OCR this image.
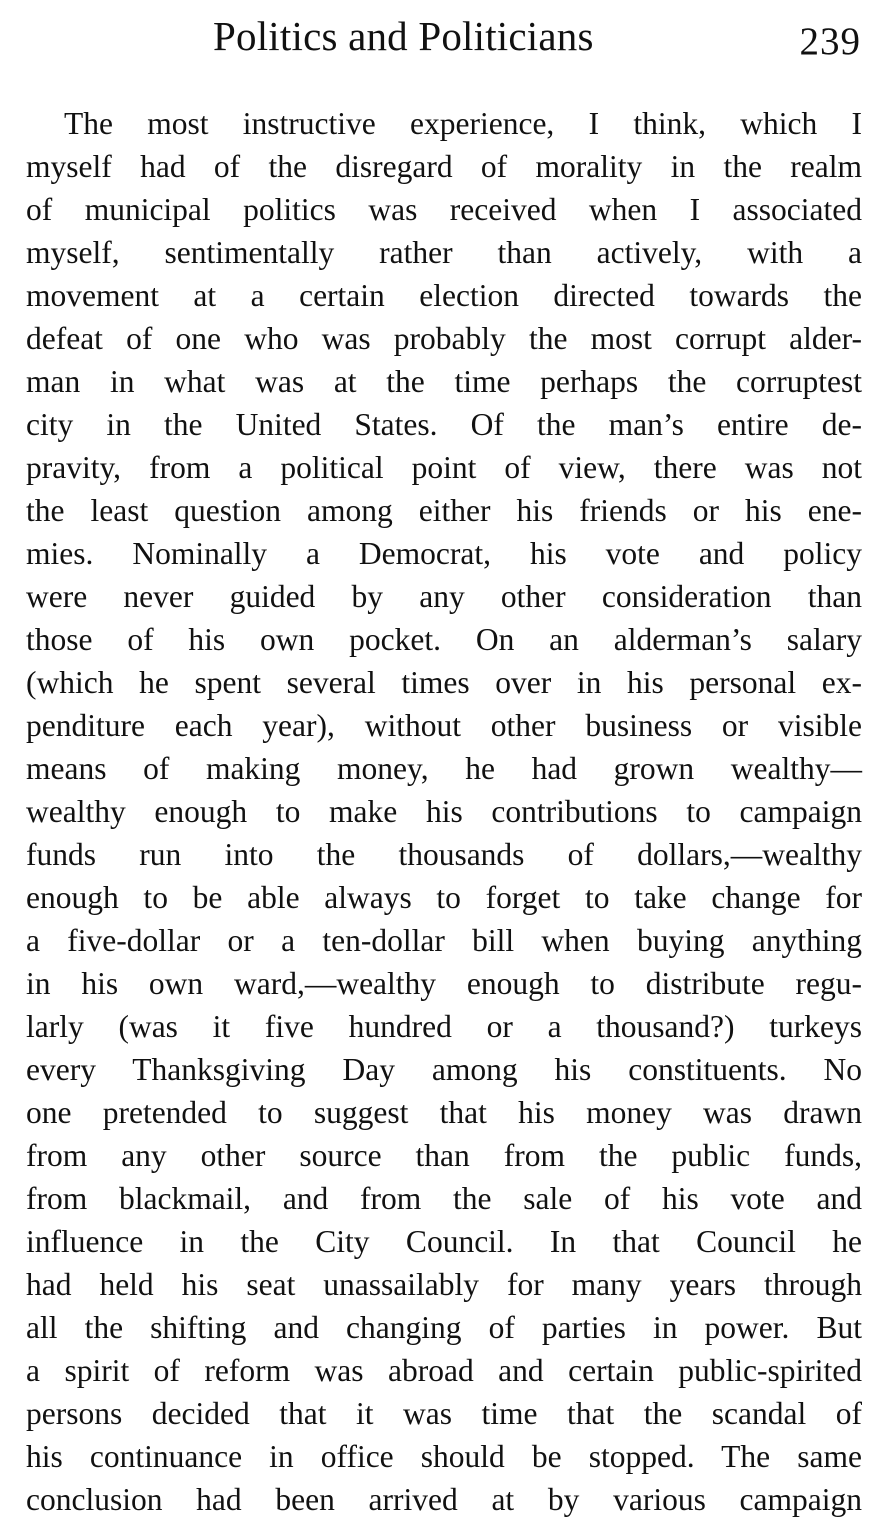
Politics and Politicians	239
The most instructive experience, I think, which I
myself had of the disregard of morality in the realm
of municipal politics was received when I associated
myself, sentimentally rather than actively, with a
movement at a certain election directed towards the
defeat of one who was probably the most corrupt alder-
man in what was at the time perhaps the corruptest
city in the United States. Of the man’s entire de-
pravity, from a political point of view, there was not
the least question among either his friends or his ene-
mies. Nominally a Democrat, his vote and policy
were never guided by any other consideration than
those of his own pocket. On an alderman’s salary
(which he spent several times over in his personal ex-
penditure each year), without other business or visible
means of making money, he had grown wealthy—
wealthy enough to make his contributions to campaign
funds run into the thousands of dollars,—wealthy
enough to be able always to forget to take change for
a five-dollar or a ten-dollar bill when buying anything
in his own ward,—wealthy enough to distribute regu-
larly (was it five hundred or a thousand?) turkeys
every Thanksgiving Day among his constituents. No
one pretended to suggest that his money was drawn
from any other source than from the public funds,
from blackmail, and from the sale of his vote and
influence in the City Council. In that Council he
had held his seat unassailably for many years through
all the shifting and changing of parties in power. But
a spirit of reform was abroad and certain public-spirited
persons decided that it was time that the scandal of
his continuance in office should be stopped. The same
conclusion had been arrived at by various campaign
